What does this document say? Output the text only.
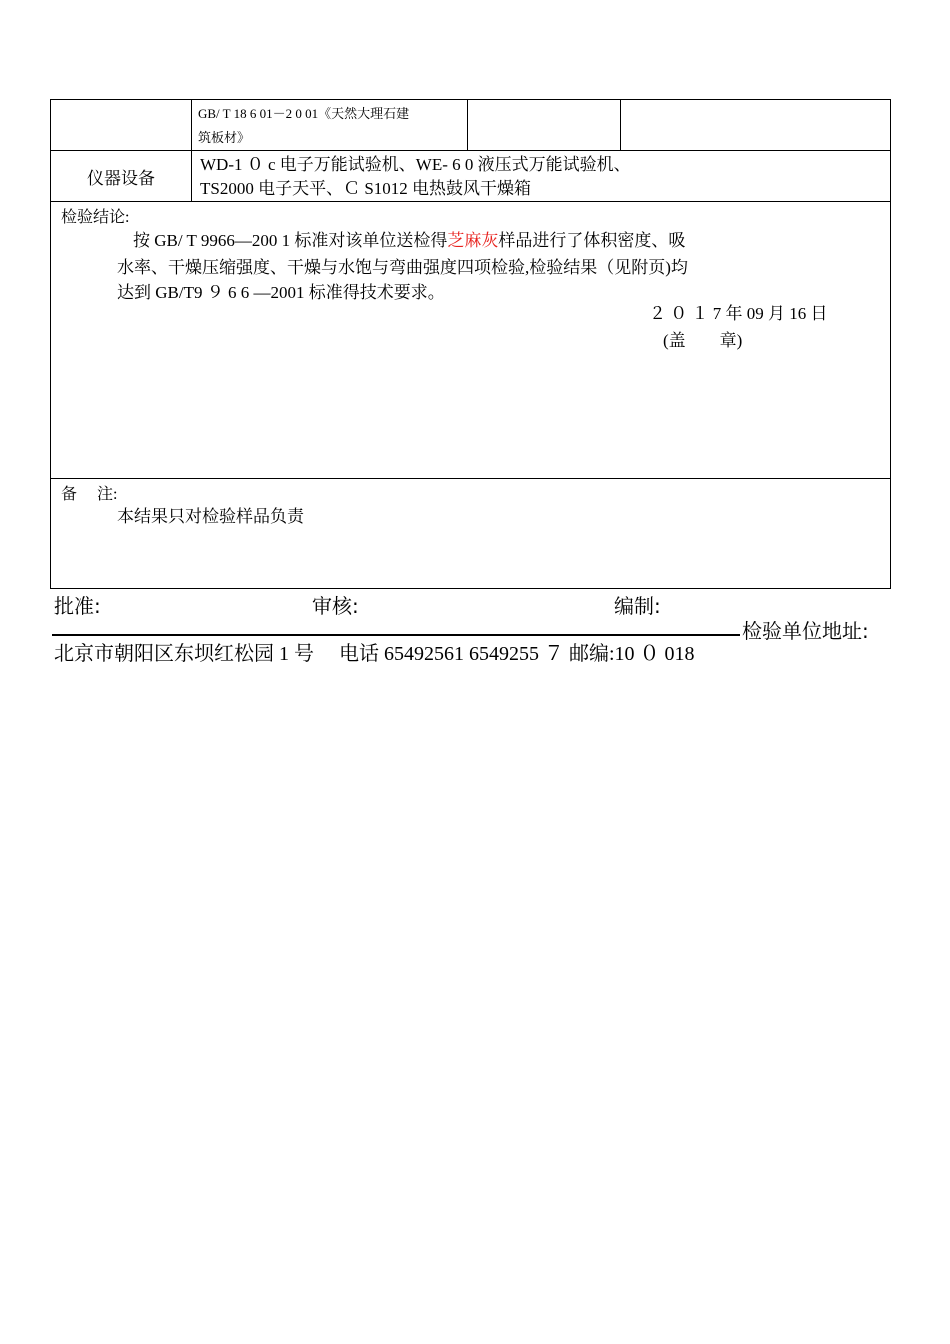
GB/ T 18 6 01－2 0 01《天然大理石建
筑板材》
仪器设备
WD-1 ０ c 电子万能试验机、WE- 6 0 液压式万能试验机、
TS2000 电子天平、Ｃ S1012 电热鼓风干燥箱
检验结论:
按 GB/ T 9966—200 1 标准对该单位送检得芝麻灰样品进行了体积密度、吸
水率、干燥压缩强度、干燥与水饱与弯曲强度四项检验,检验结果（见附页)均
达到 GB/T9 ９ 6 6 —2001 标准得技术要求。
２ ０ １ 7 年 09 月 16 日
(盖　　章)
备　 注:
本结果只对检验样品负责
批准:	审核:	编制:
检验单位地址:
北京市朝阳区东坝红松园 1 号　 电话 65492561 6549255 ７ 邮编:10 ０ 018
